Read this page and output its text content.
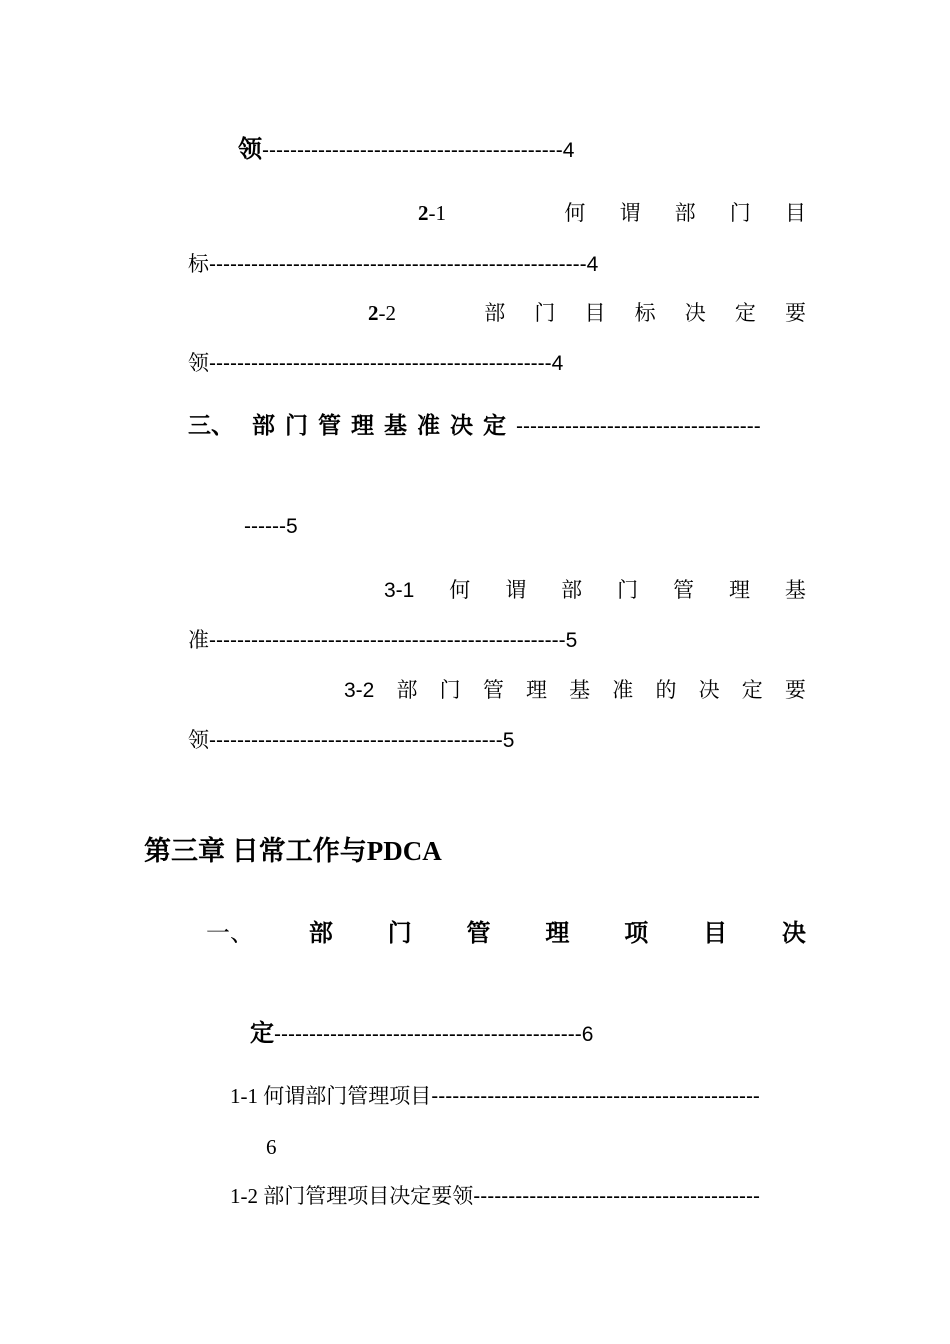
领-------------------------------------------4
2-1	何 谓 部 门 目
标------------------------------------------------------4
2-2	部 门 目 标 决 定 要
领-------------------------------------------------4
三、 部 门 管 理 基 准 决 定 -----------------------------------
------5
3-1 何 谓 部 门 管 理 基
准---------------------------------------------------5
3-2 部 门 管 理 基 准 的 决 定 要
领------------------------------------------5
第三章 日常工作与PDCA
一、 部 门 管 理 项 目 决
定--------------------------------------------6
1-1 何谓部门管理项目-----------------------------------------------
6
1-2 部门管理项目决定要领-----------------------------------------
